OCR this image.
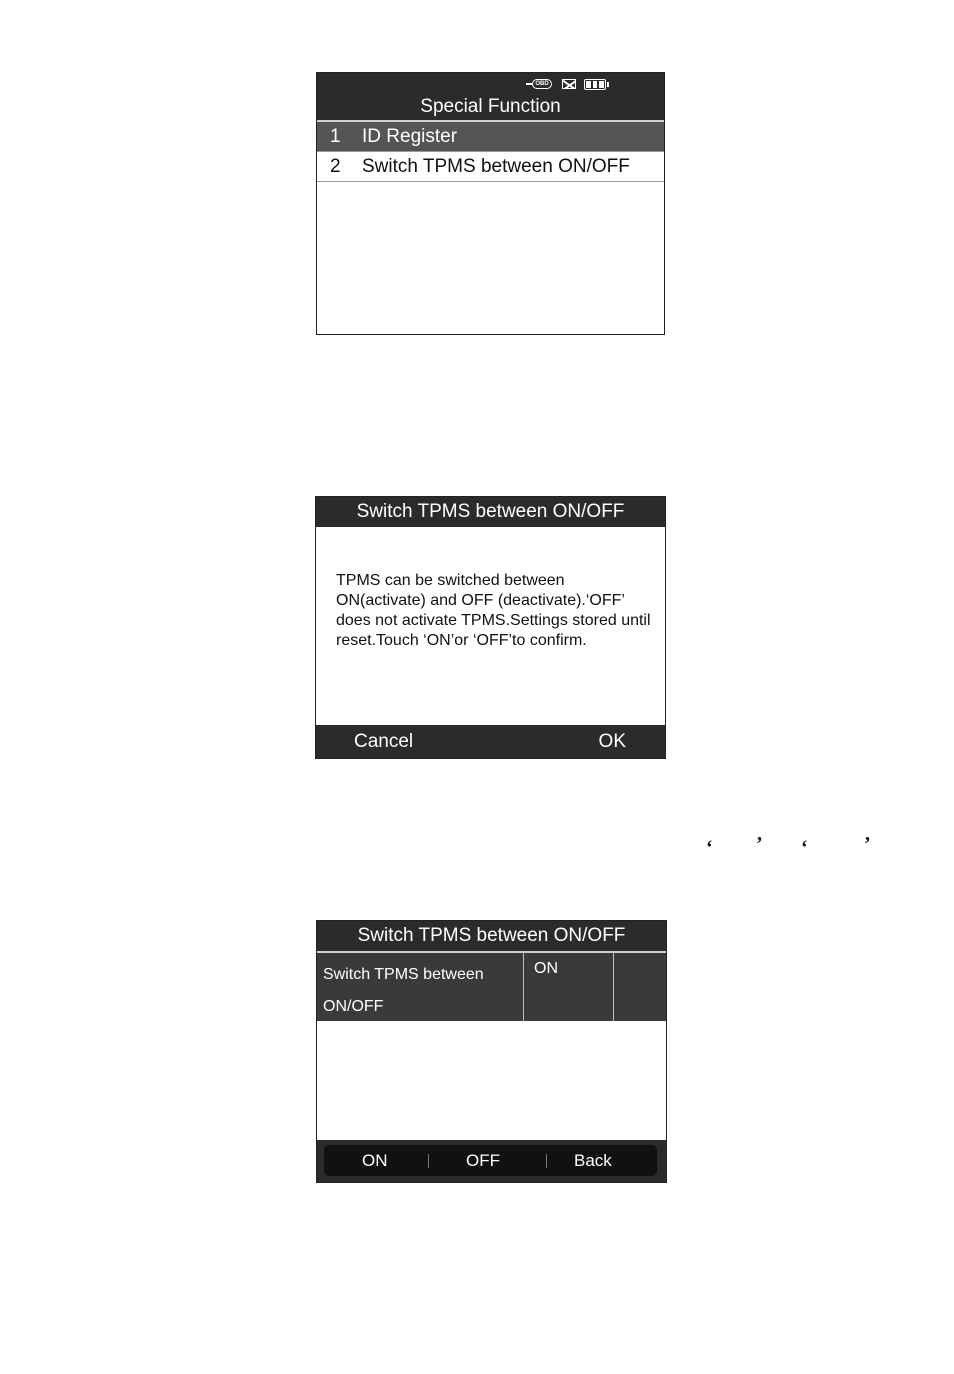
OBD
Special Function
1 ID Register
2 Switch TPMS between ON/OFF
Switch TPMS between ON/OFF
TPMS can be switched between ON(activate) and OFF (deactivate).‘OFF’ does not activate TPMS.Settings stored until reset.Touch ‘ON’or ‘OFF’to confirm.
Cancel	OK
‘ ’ ‘	’
Switch TPMS between ON/OFF
Switch TPMS between ON/OFF
ON
ON	OFF	Back
